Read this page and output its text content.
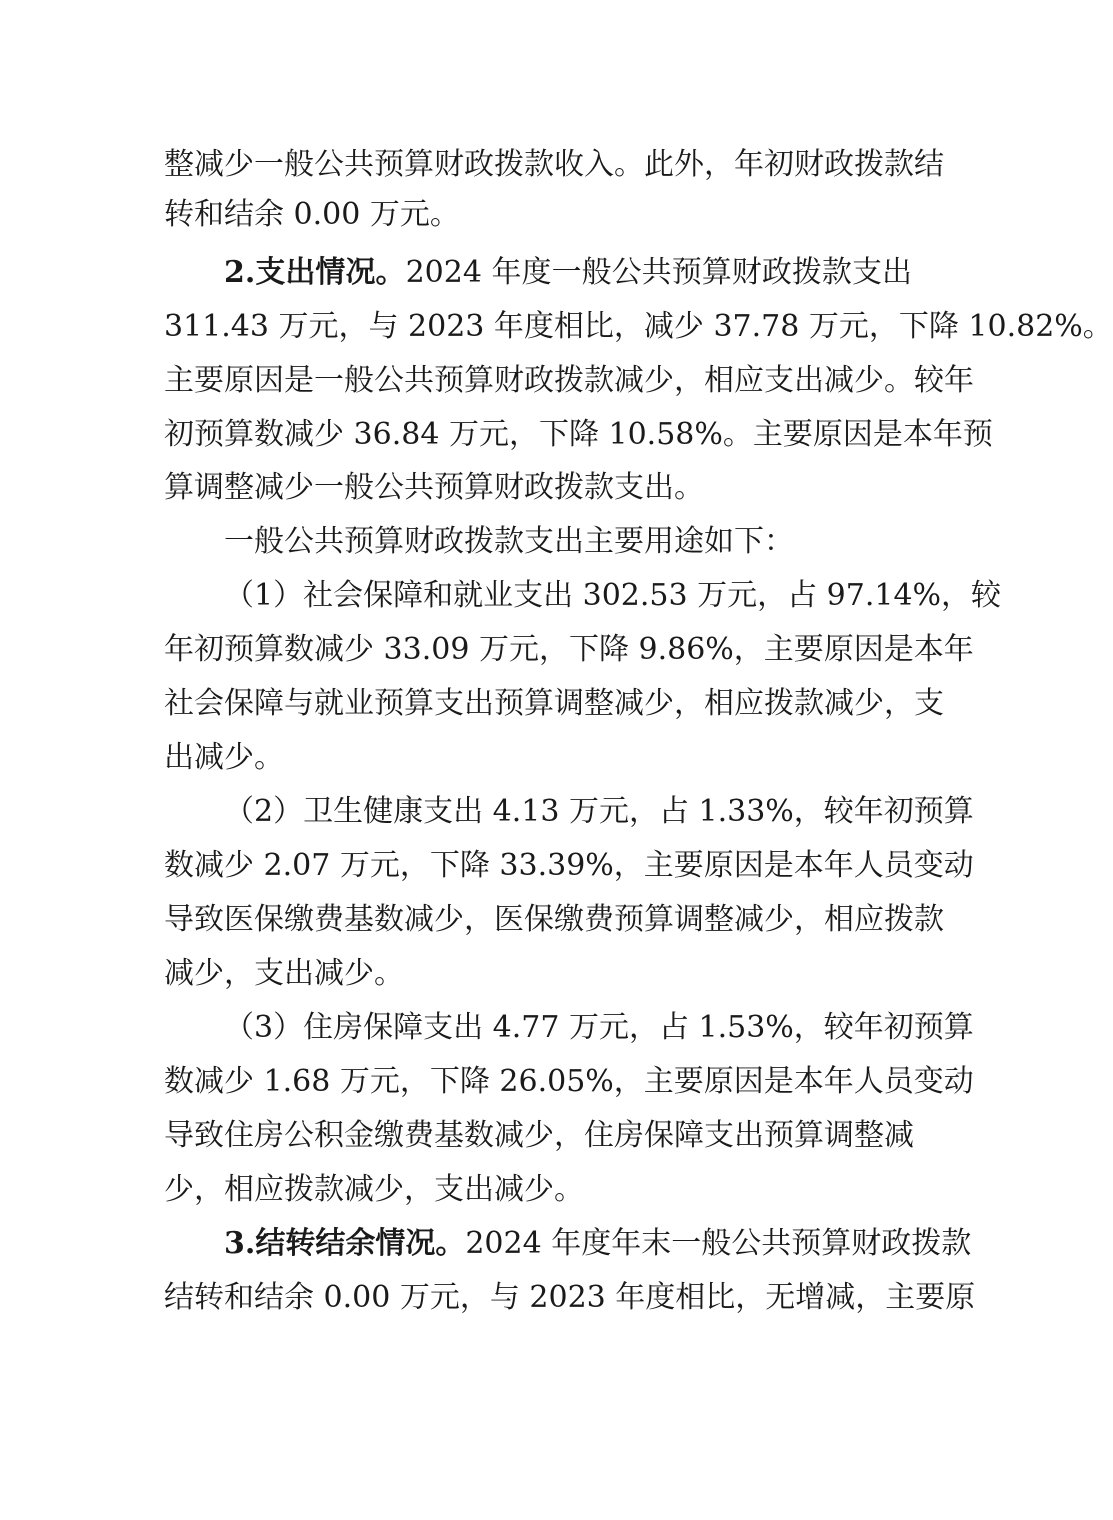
整减少一般公共预算财政拨款收入。此外，年初财政拨款结
转和结余 0.00 万元。
2.支出情况。2024 年度一般公共预算财政拨款支出
311.43 万元，与 2023 年度相比，减少 37.78 万元，下降 10.82%。
主要原因是一般公共预算财政拨款减少，相应支出减少。较年
初预算数减少 36.84 万元，下降 10.58%。主要原因是本年预
算调整减少一般公共预算财政拨款支出。
一般公共预算财政拨款支出主要用途如下：
（1）社会保障和就业支出 302.53 万元，占 97.14%，较
年初预算数减少 33.09 万元，下降 9.86%，主要原因是本年
社会保障与就业预算支出预算调整减少，相应拨款减少，支
出减少。
（2）卫生健康支出 4.13 万元，占 1.33%，较年初预算
数减少 2.07 万元，下降 33.39%，主要原因是本年人员变动
导致医保缴费基数减少，医保缴费预算调整减少，相应拨款
减少，支出减少。
（3）住房保障支出 4.77 万元，占 1.53%，较年初预算
数减少 1.68 万元，下降 26.05%，主要原因是本年人员变动
导致住房公积金缴费基数减少，住房保障支出预算调整减
少，相应拨款减少，支出减少。
3.结转结余情况。2024 年度年末一般公共预算财政拨款
结转和结余 0.00 万元，与 2023 年度相比，无增减，主要原
